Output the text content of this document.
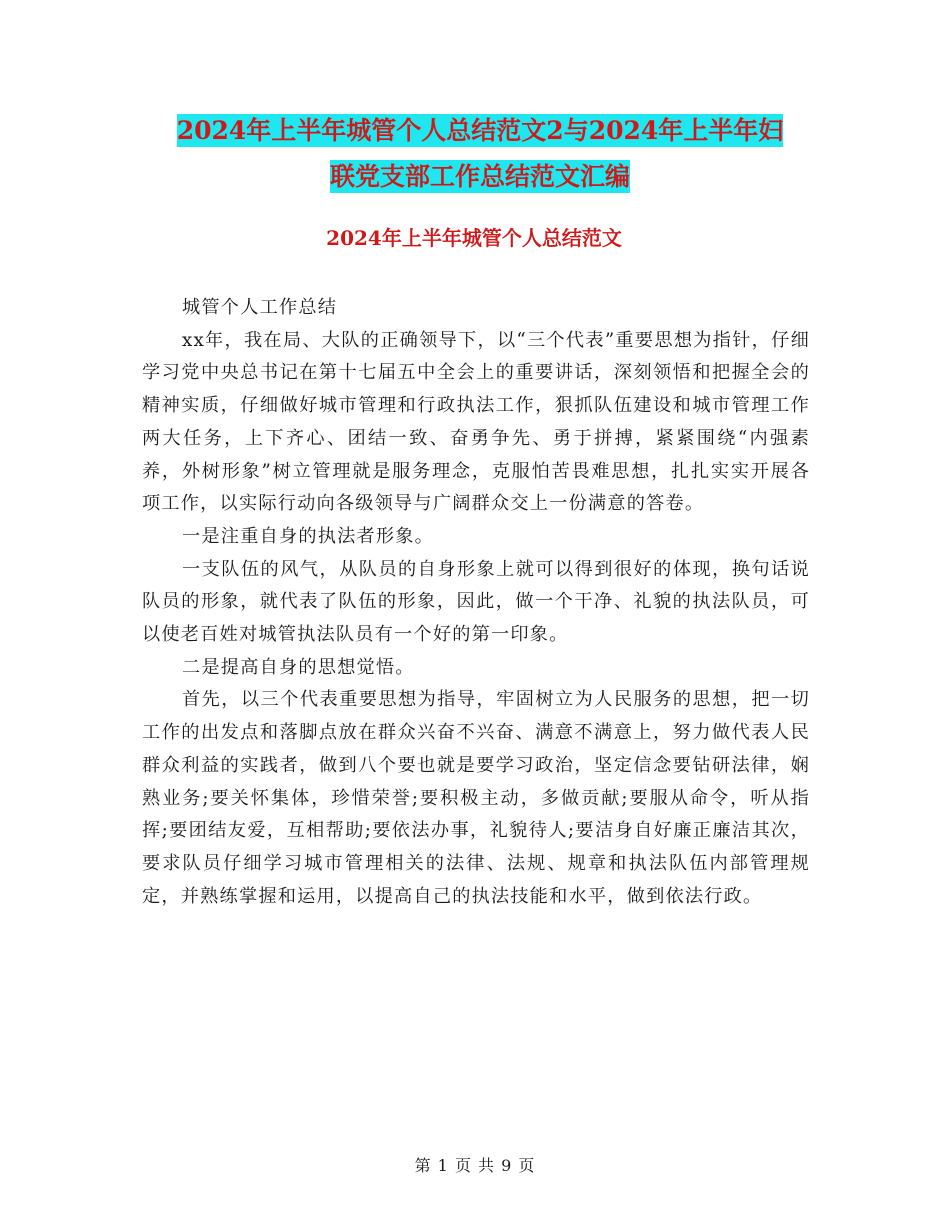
2024年上半年城管个人总结范文2与2024年上半年妇
联党支部工作总结范文汇编
2024年上半年城管个人总结范文

城管个人工作总结

xx年，我在局、大队的正确领导下，以“三个代表”重要思想为指针，仔细学习党中央总书记在第十七届五中全会上的重要讲话，深刻领悟和把握全会的精神实质，仔细做好城市管理和行政执法工作，狠抓队伍建设和城市管理工作两大任务，上下齐心、团结一致、奋勇争先、勇于拼搏，紧紧围绕“内强素养，外树形象”树立管理就是服务理念，克服怕苦畏难思想，扎扎实实开展各项工作，以实际行动向各级领导与广阔群众交上一份满意的答卷。

一是注重自身的执法者形象。

一支队伍的风气，从队员的自身形象上就可以得到很好的体现，换句话说队员的形象，就代表了队伍的形象，因此，做一个干净、礼貌的执法队员，可以使老百姓对城管执法队员有一个好的第一印象。

二是提高自身的思想觉悟。

首先，以三个代表重要思想为指导，牢固树立为人民服务的思想，把一切工作的出发点和落脚点放在群众兴奋不兴奋、满意不满意上，努力做代表人民群众利益的实践者，做到八个要也就是要学习政治，坚定信念要钻研法律，娴熟业务;要关怀集体，珍惜荣誉;要积极主动，多做贡献;要服从命令，听从指挥;要团结友爱，互相帮助;要依法办事，礼貌待人;要洁身自好廉正廉洁其次，要求队员仔细学习城市管理相关的法律、法规、规章和执法队伍内部管理规定，并熟练掌握和运用，以提高自己的执法技能和水平，做到依法行政。

第 1 页 共 9 页
